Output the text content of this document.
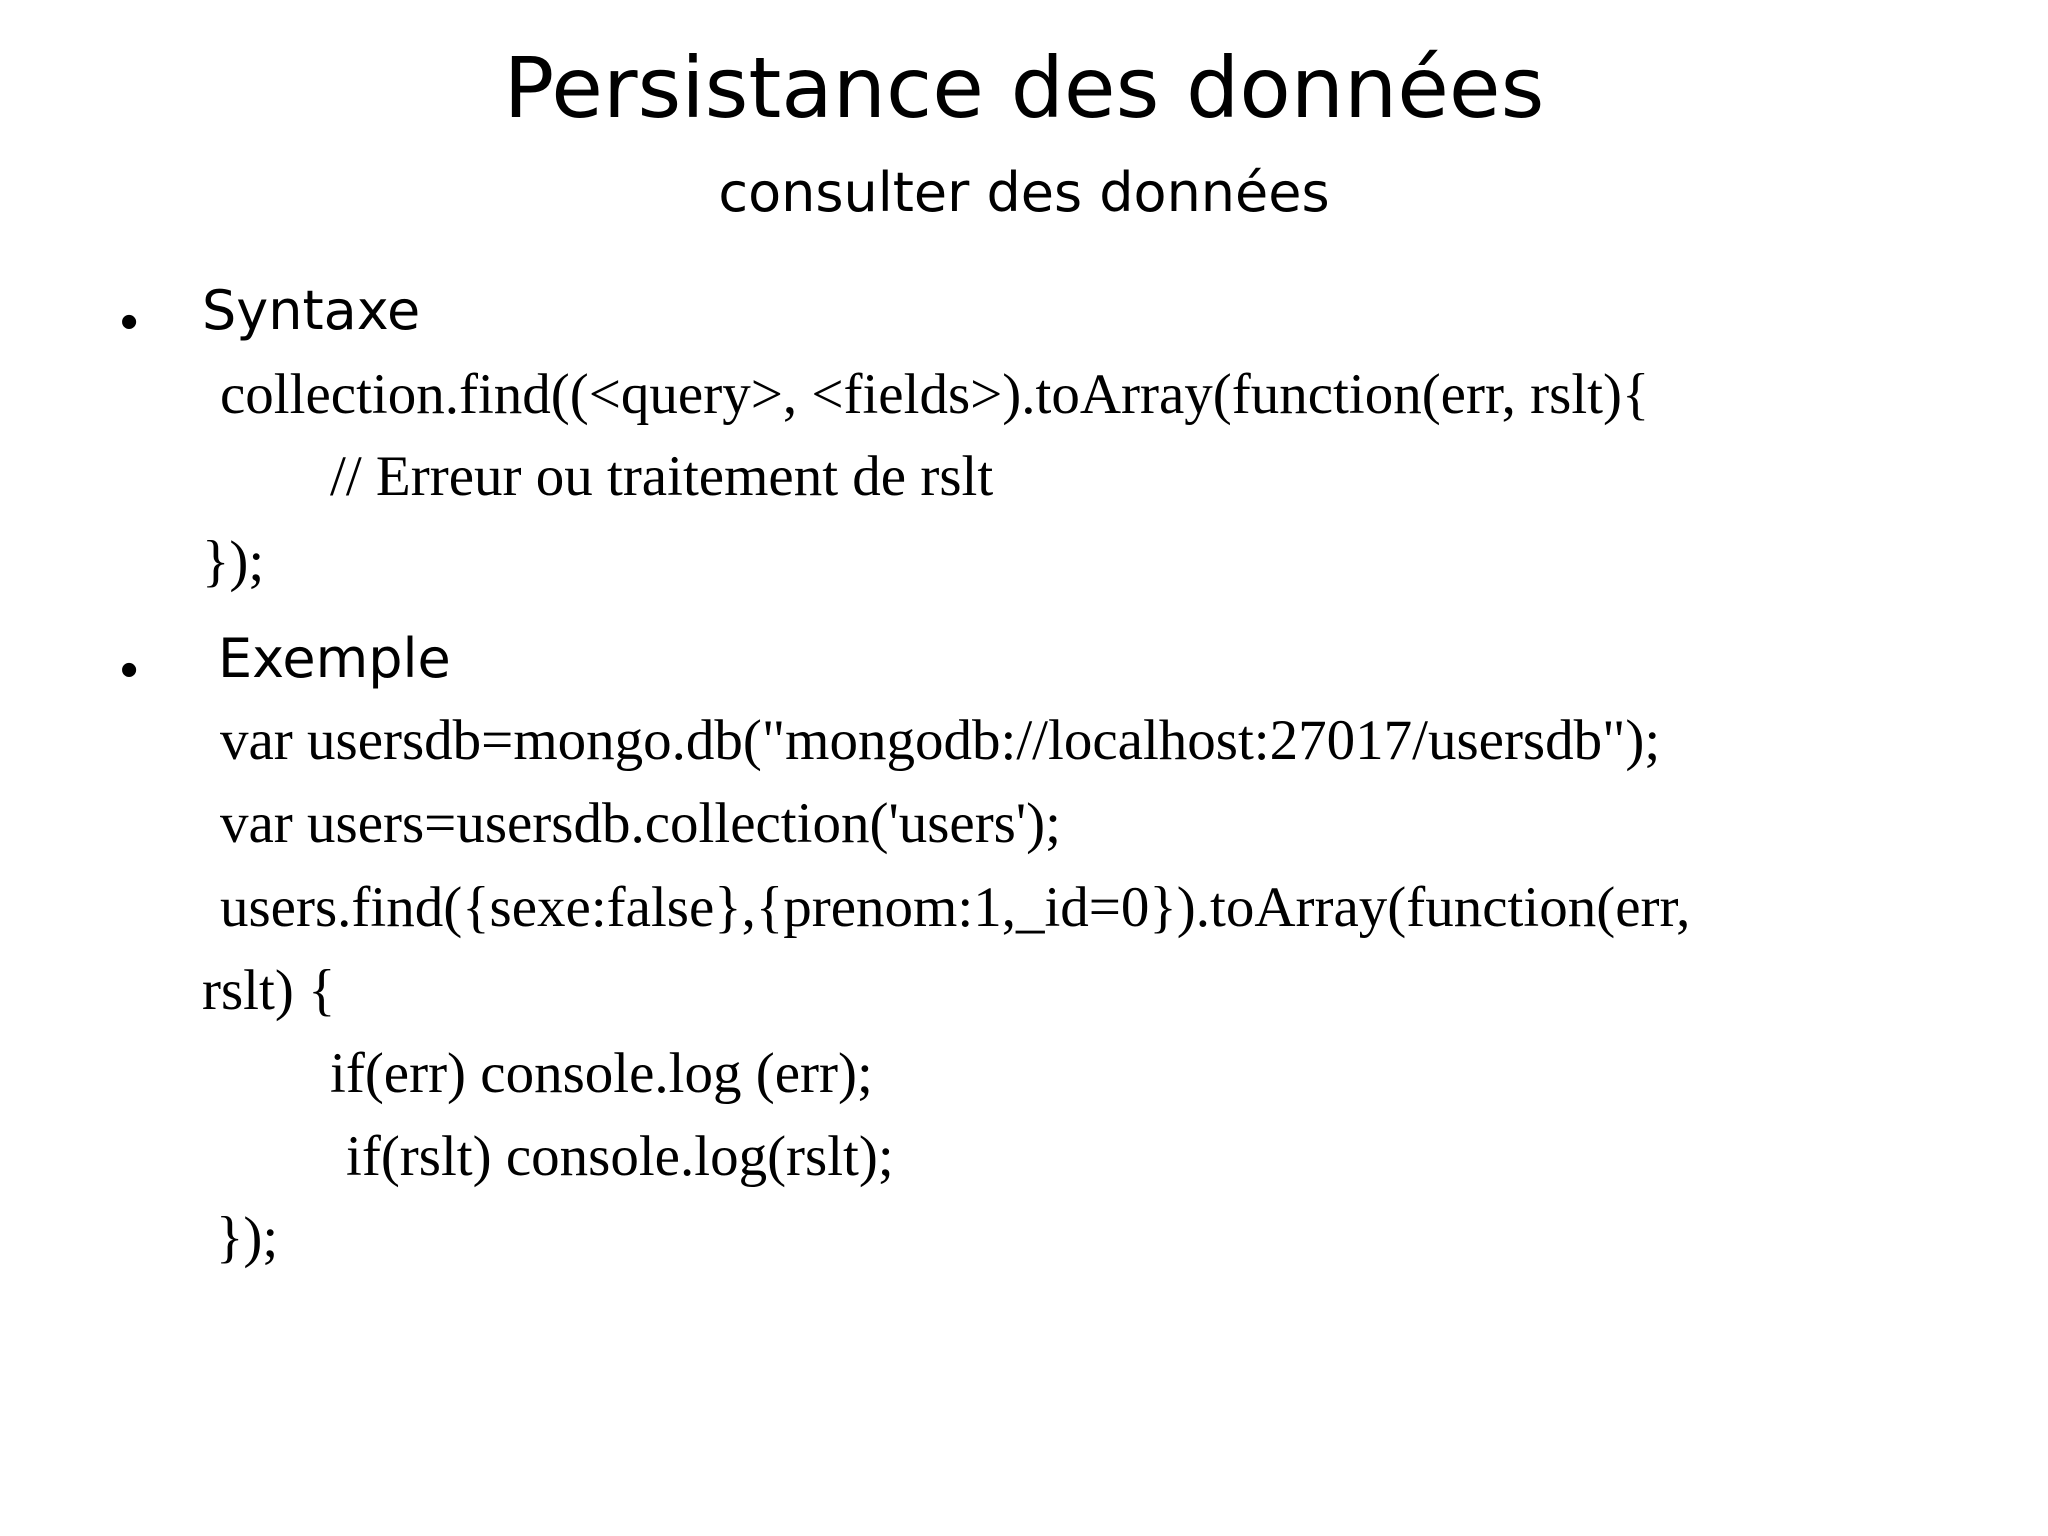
Persistance des données
consulter des données
• Syntaxe
collection.find((<query>, <fields>).toArray(function(err, rslt){
// Erreur ou traitement de rslt
});
• Exemple
var usersdb=mongo.db("mongodb://localhost:27017/usersdb");
var users=usersdb.collection('users');
users.find({sexe:false},{prenom:1,_id=0}).toArray(function(err,
rslt) {
if(err) console.log (err);
if(rslt) console.log(rslt);
});
